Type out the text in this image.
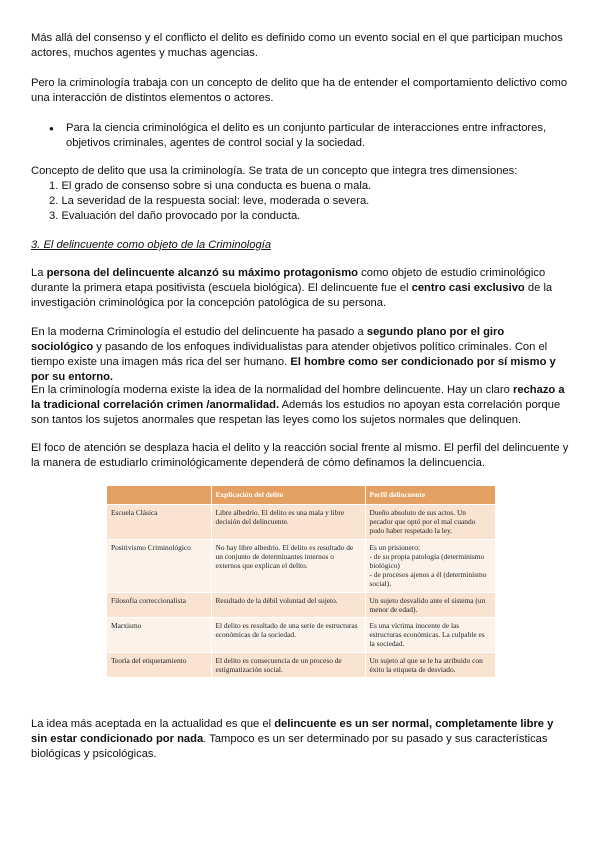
Más allá del consenso y el conflicto el delito es definido como un evento social en el que participan muchos actores, muchos agentes y muchas agencias.

Pero la criminología trabaja con un concepto de delito que ha de entender el comportamiento delictivo como una interacción de distintos elementos o actores.

● Para la ciencia criminológica el delito es un conjunto particular de interacciones entre infractores, objetivos criminales, agentes de control social y la sociedad.

Concepto de delito que usa la criminología. Se trata de un concepto que integra tres dimensiones:

1. El grado de consenso sobre si una conducta es buena o mala.
2. La severidad de la respuesta social: leve, moderada o severa.
3. Evaluación del daño provocado por la conducta.

3. El delincuente como objeto de la Criminología

La persona del delincuente alcanzó su máximo protagonismo como objeto de estudio criminológico durante la primera etapa positivista (escuela biológica). El delincuente fue el centro casi exclusivo de la investigación criminológica por la concepción patológica de su persona.

En la moderna Criminología el estudio del delincuente ha pasado a segundo plano por el giro sociológico y pasando de los enfoques individualistas para atender objetivos político criminales. Con el tiempo existe una imagen más rica del ser humano. El hombre como ser condicionado por sí mismo y por su entorno.

En la criminología moderna existe la idea de la normalidad del hombre delincuente. Hay un claro rechazo a la tradicional correlación crimen /anormalidad. Además los estudios no apoyan esta correlación porque son tantos los sujetos anormales que respetan las leyes como los sujetos normales que delinquen.

El foco de atención se desplaza hacia el delito y la reacción social frente al mismo. El perfil del delincuente y la manera de estudiarlo criminológicamente dependerá de cómo definamos la delincuencia.

	Explicación del delito	Perfil delincuente
Escuela Clásica	Libre albedrío. El delito es una mala y libre decisión del delincuente.	Dueño absoluto de sus actos. Un pecador que optó por el mal cuando pudo haber respetado la ley.
Positivismo Criminológico	No hay libre albedrío. El delito es resultado de un conjunto de determinantes internos o externos que explican el delito.	Es un prisionero:
- de su propia patología (determinismo biológico)
- de procesos ajenos a él (determinismo social).
Filosofía correccionalista	Resultado de la débil voluntad del sujeto.	Un sujeto desvalido ante el sistema (un menor de edad).
Marxismo	El delito es resultado de una serie de estructuras económicas de la sociedad.	Es una víctima inocente de las estructuras económicas. La culpable es la sociedad.
Teoría del etiquetamiento	El delito es consecuencia de un proceso de estigmatización social.	Un sujeto al que se le ha atribuido con éxito la etiqueta de desviado.

La idea más aceptada en la actualidad es que el delincuente es un ser normal, completamente libre y sin estar condicionado por nada. Tampoco es un ser determinado por su pasado y sus características biológicas y psicológicas.
